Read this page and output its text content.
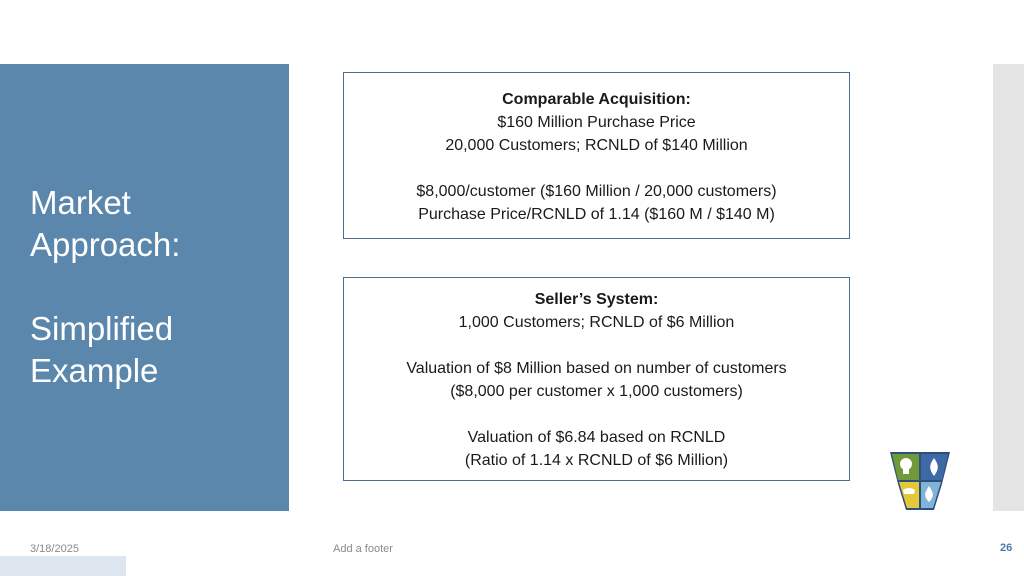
Market
Approach:
Simplified
Example
Comparable Acquisition:
$160 Million Purchase Price
20,000 Customers; RCNLD of $140 Million
$8,000/customer ($160 Million / 20,000 customers)
Purchase Price/RCNLD of 1.14 ($160 M / $140 M)
Seller’s System:
1,000 Customers; RCNLD of $6 Million
Valuation of $8 Million based on number of customers
($8,000 per customer x 1,000 customers)
Valuation of $6.84 based on RCNLD
(Ratio of 1.14 x RCNLD of $6 Million)
3/18/2025	Add a footer	26
